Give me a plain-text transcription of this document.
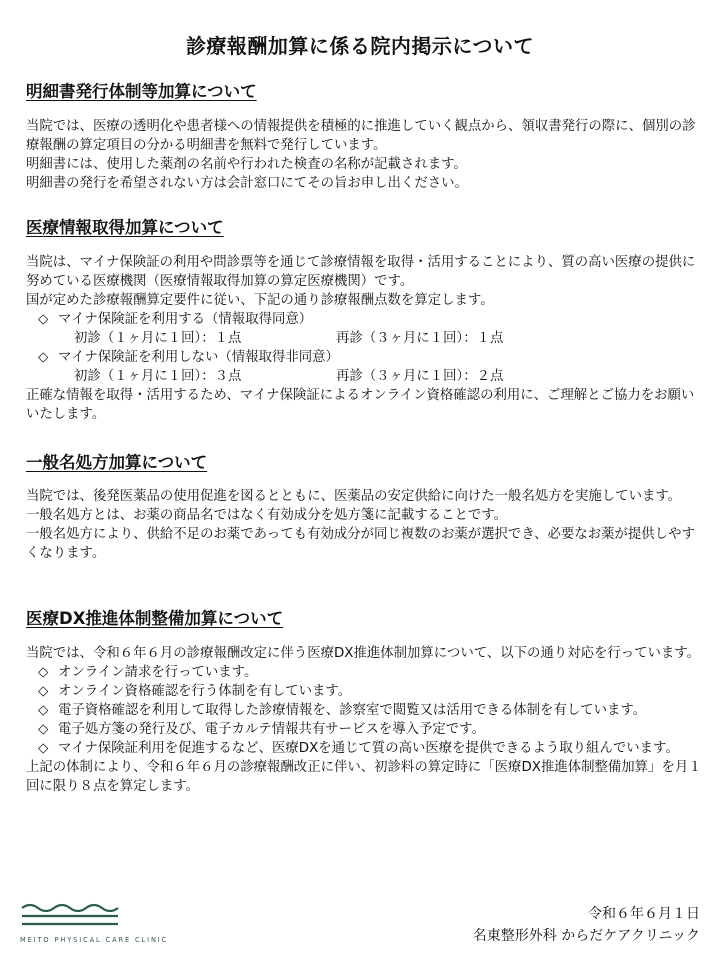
診療報酬加算に係る院内掲示について
明細書発行体制等加算について

当院では、医療の透明化や患者様への情報提供を積極的に推進していく観点から、領収書発行の際に、個別の診療報酬の算定項目の分かる明細書を無料で発行しています。

明細書には、使用した薬剤の名前や行われた検査の名称が記載されます。

明細書の発行を希望されない方は会計窓口にてその旨お申し出ください。

医療情報取得加算について

当院は、マイナ保険証の利用や問診票等を通じて診療情報を取得・活用することにより、質の高い医療の提供に努めている医療機関（医療情報取得加算の算定医療機関）です。

国が定めた診療報酬算定要件に従い、下記の通り診療報酬点数を算定します。

◇ マイナ保険証を利用する（情報取得同意）

初診（１ヶ月に１回）：１点	再診（３ヶ月に１回）：１点

◇ マイナ保険証を利用しない（情報取得非同意）

初診（１ヶ月に１回）：３点	再診（３ヶ月に１回）：２点

正確な情報を取得・活用するため、マイナ保険証によるオンライン資格確認の利用に、ご理解とご協力をお願いいたします。

一般名処方加算について

当院では、後発医薬品の使用促進を図るとともに、医薬品の安定供給に向けた一般名処方を実施しています。

一般名処方とは、お薬の商品名ではなく有効成分を処方箋に記載することです。

一般名処方により、供給不足のお薬であっても有効成分が同じ複数のお薬が選択でき、必要なお薬が提供しやすくなります。

医療DX推進体制整備加算について

当院では、令和６年６月の診療報酬改定に伴う医療DX推進体制加算について、以下の通り対応を行っています。

◇ オンライン請求を行っています。

◇ オンライン資格確認を行う体制を有しています。

◇ 電子資格確認を利用して取得した診療情報を、診察室で閲覧又は活用できる体制を有しています。

◇ 電子処方箋の発行及び、電子カルテ情報共有サービスを導入予定です。

◇ マイナ保険証利用を促進するなど、医療DXを通じて質の高い医療を提供できるよう取り組んでいます。

上記の体制により、令和６年６月の診療報酬改正に伴い、初診料の算定時に「医療DX推進体制整備加算」を月１回に限り８点を算定します。

MEITO PHYSICAL CARE CLINIC
令和６年６月１日
名東整形外科 からだケアクリニック
